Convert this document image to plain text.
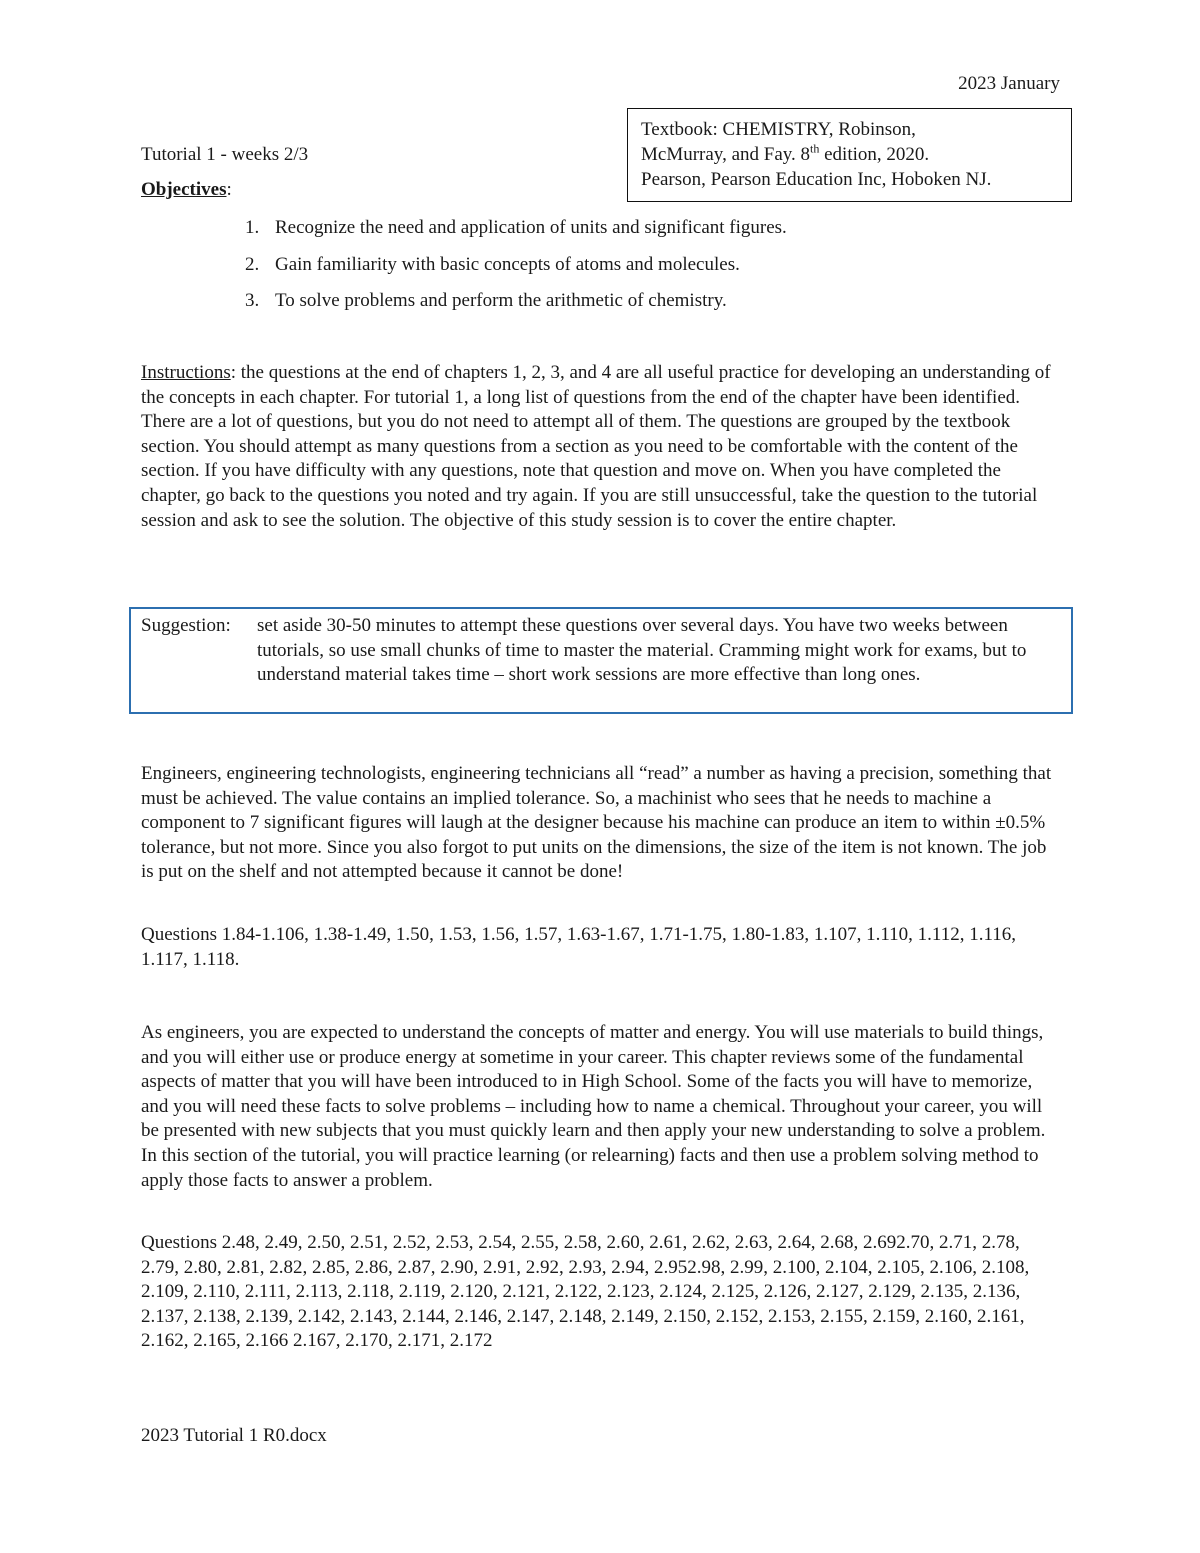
2023 January
Textbook: CHEMISTRY, Robinson,
McMurray, and Fay. 8th edition, 2020.
Pearson, Pearson Education Inc, Hoboken NJ.
Tutorial 1 - weeks 2/3
Objectives:
1. Recognize the need and application of units and significant figures.
2. Gain familiarity with basic concepts of atoms and molecules.
3. To solve problems and perform the arithmetic of chemistry.

Instructions: the questions at the end of chapters 1, 2, 3, and 4 are all useful practice for developing an understanding of the concepts in each chapter. For tutorial 1, a long list of questions from the end of the chapter have been identified. There are a lot of questions, but you do not need to attempt all of them. The questions are grouped by the textbook section. You should attempt as many questions from a section as you need to be comfortable with the content of the section. If you have difficulty with any questions, note that question and move on. When you have completed the chapter, go back to the questions you noted and try again. If you are still unsuccessful, take the question to the tutorial session and ask to see the solution. The objective of this study session is to cover the entire chapter.

Suggestion: set aside 30-50 minutes to attempt these questions over several days. You have two weeks between tutorials, so use small chunks of time to master the material. Cramming might work for exams, but to understand material takes time – short work sessions are more effective than long ones.

Engineers, engineering technologists, engineering technicians all “read” a number as having a precision, something that must be achieved. The value contains an implied tolerance. So, a machinist who sees that he needs to machine a component to 7 significant figures will laugh at the designer because his machine can produce an item to within ±0.5% tolerance, but not more. Since you also forgot to put units on the dimensions, the size of the item is not known. The job is put on the shelf and not attempted because it cannot be done!

Questions 1.84-1.106, 1.38-1.49, 1.50, 1.53, 1.56, 1.57, 1.63-1.67, 1.71-1.75, 1.80-1.83, 1.107, 1.110, 1.112, 1.116, 1.117, 1.118.

As engineers, you are expected to understand the concepts of matter and energy. You will use materials to build things, and you will either use or produce energy at sometime in your career. This chapter reviews some of the fundamental aspects of matter that you will have been introduced to in High School. Some of the facts you will have to memorize, and you will need these facts to solve problems – including how to name a chemical. Throughout your career, you will be presented with new subjects that you must quickly learn and then apply your new understanding to solve a problem. In this section of the tutorial, you will practice learning (or relearning) facts and then use a problem solving method to apply those facts to answer a problem.

Questions 2.48, 2.49, 2.50, 2.51, 2.52, 2.53, 2.54, 2.55, 2.58, 2.60, 2.61, 2.62, 2.63, 2.64, 2.68, 2.692.70, 2.71, 2.78, 2.79, 2.80, 2.81, 2.82, 2.85, 2.86, 2.87, 2.90, 2.91, 2.92, 2.93, 2.94, 2.952.98, 2.99, 2.100, 2.104, 2.105, 2.106, 2.108, 2.109, 2.110, 2.111, 2.113, 2.118, 2.119, 2.120, 2.121, 2.122, 2.123, 2.124, 2.125, 2.126, 2.127, 2.129, 2.135, 2.136, 2.137, 2.138, 2.139, 2.142, 2.143, 2.144, 2.146, 2.147, 2.148, 2.149, 2.150, 2.152, 2.153, 2.155, 2.159, 2.160, 2.161, 2.162, 2.165, 2.166 2.167, 2.170, 2.171, 2.172

2023 Tutorial 1 R0.docx
